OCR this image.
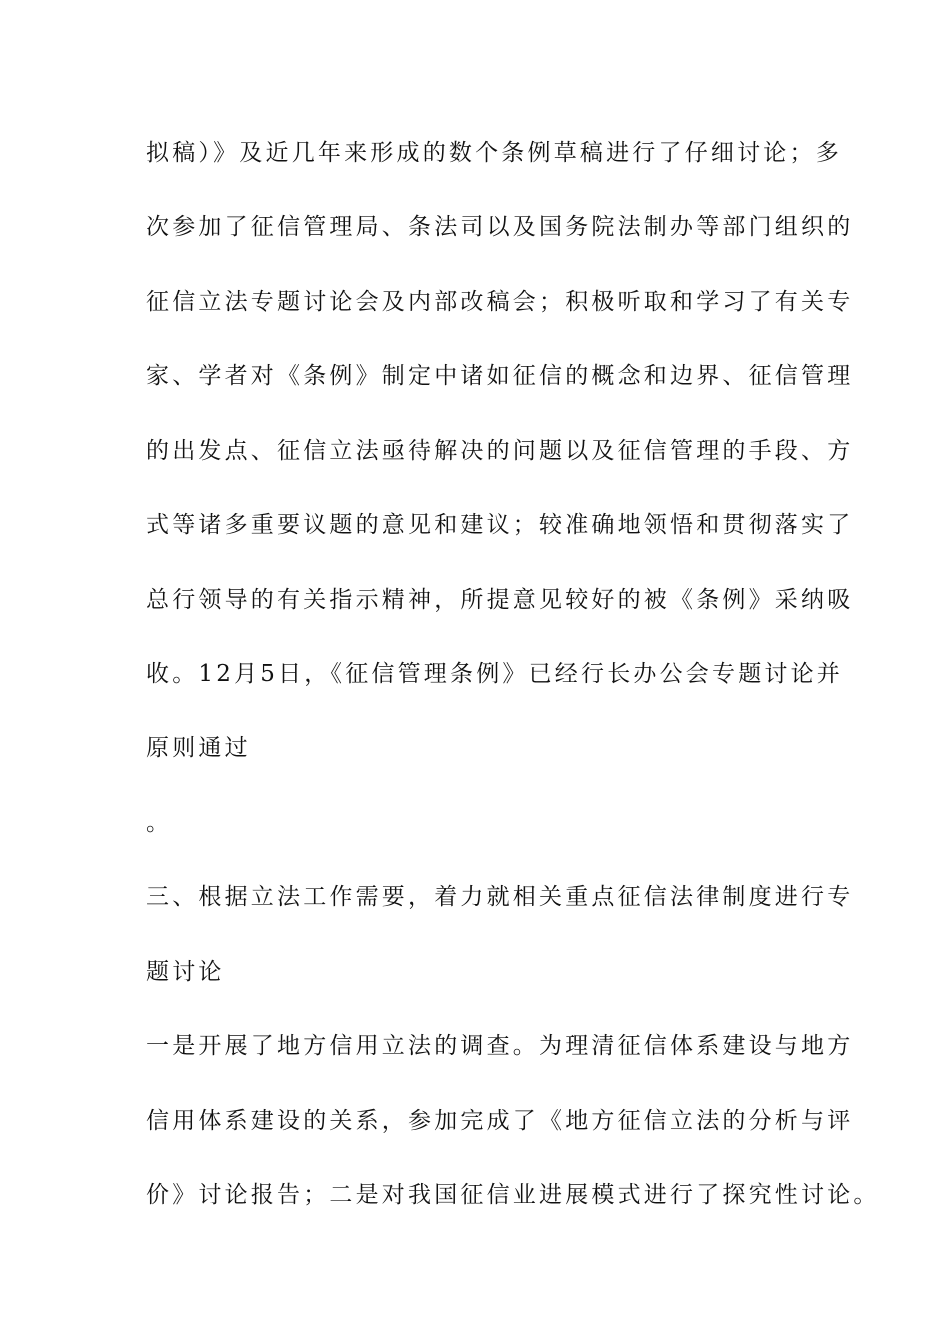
拟稿）》及近几年来形成的数个条例草稿进行了仔细讨论；多
次参加了征信管理局、条法司以及国务院法制办等部门组织的
征信立法专题讨论会及内部改稿会；积极听取和学习了有关专
家、学者对《条例》制定中诸如征信的概念和边界、征信管理
的出发点、征信立法亟待解决的问题以及征信管理的手段、方
式等诸多重要议题的意见和建议；较准确地领悟和贯彻落实了
总行领导的有关指示精神，所提意见较好的被《条例》采纳吸
收。12月5日，《征信管理条例》已经行长办公会专题讨论并
原则通过
。
三、根据立法工作需要，着力就相关重点征信法律制度进行专
题讨论
一是开展了地方信用立法的调查。为理清征信体系建设与地方
信用体系建设的关系，参加完成了《地方征信立法的分析与评
价》讨论报告；二是对我国征信业进展模式进行了探究性讨论。
